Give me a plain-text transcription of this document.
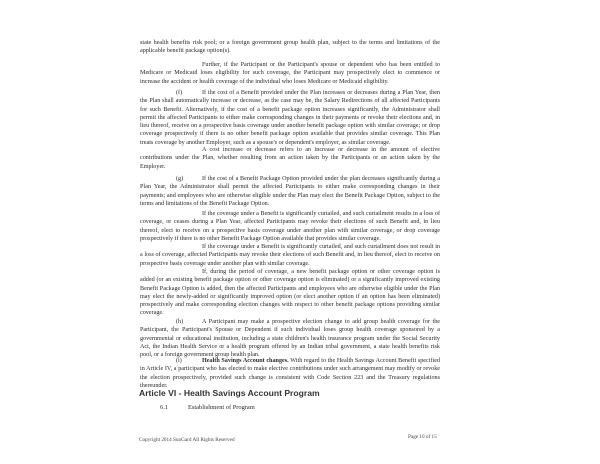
state health benefits risk pool; or a foreign government group health plan, subject to the terms and limitations of the applicable benefit package option(s).
Further, if the Participant or the Participant's spouse or dependent who has been entitled to Medicare or Medicaid loses eligibility for such coverage, the Participant may prospectively elect to commence or increase the accident or health coverage of the individual who loses Medicare or Medicaid eligibility.
(f)	If the cost of a Benefit provided under the Plan increases or decreases during a Plan Year, then the Plan shall automatically increase or decrease, as the case may be, the Salary Redirections of all affected Participants for such Benefit. Alternatively, if the cost of a benefit package option increases significantly, the Administrator shall permit the affected Participants to either make corresponding changes in their payments or revoke their elections and, in lieu thereof, receive on a prospective basis coverage under another benefit package option with similar coverage; or drop coverage prospectively if there is no other benefit package option available that provides similar coverage. This Plan treats coverage by another Employer, such as a spouse's or dependent's employer, as similar coverage.
A cost increase or decrease refers to an increase or decrease in the amount of elective contributions under the Plan, whether resulting from an action taken by the Participants or an action taken by the Employer.
(g)	If the cost of a Benefit Package Option provided under the plan decreases significantly during a Plan Year, the Administrator shall permit the affected Participants to either make corresponding changes in their payments; and employees who are otherwise eligible under the Plan may elect the Benefit Package Option, subject to the terms and limitations of the Benefit Package Option.
If the coverage under a Benefit is significantly curtailed, and such curtailment results in a loss of coverage, or ceases during a Plan Year, affected Participants may revoke their elections of such Benefit and, in lieu thereof, elect to receive on a prospective basis coverage under another plan with similar coverage, or drop coverage prospectively if there is no other Benefit Package Option available that provides similar coverage.
If the coverage under a Benefit is significantly curtailed, and such curtailment does not result in a loss of coverage, affected Participants may revoke their elections of such Benefit and, in lieu thereof, elect to receive on prospective basis coverage under another plan with similar coverage.
If, during the period of coverage, a new benefit package option or other coverage option is added (or an existing benefit package option or other coverage option is eliminated) or a significantly improved existing Benefit Package Option is added, then the affected Participants and employees who are otherwise eligible under the Plan may elect the newly-added or significantly improved option (or elect another option if an option has been eliminated) prospectively and make corresponding election changes with respect to other benefit package options providing similar coverage.
(h)	A Participant may make a prospective election change to add group health coverage for the Participant, the Participant's Spouse or Dependent if such individual loses group health coverage sponsored by a governmental or educational institution, including a state children's health insurance program under the Social Security Act, the Indian Health Service or a health program offered by an Indian tribal government, a state health benefits risk pool, or a foreign government group health plan.
(i)	Health Savings Account changes. With regard to the Health Savings Account Benefit specified in Article IV, a participant who has elected to make elective contributions under such arrangement may modify or revoke the election prospectively, provided such change is consistent with Code Section 223 and the Treasury regulations thereunder.
Article VI - Health Savings Account Program
6.1	Establishment of Program
Copyright 2014 SunGard All Rights Reserved	Page 10 of 15
